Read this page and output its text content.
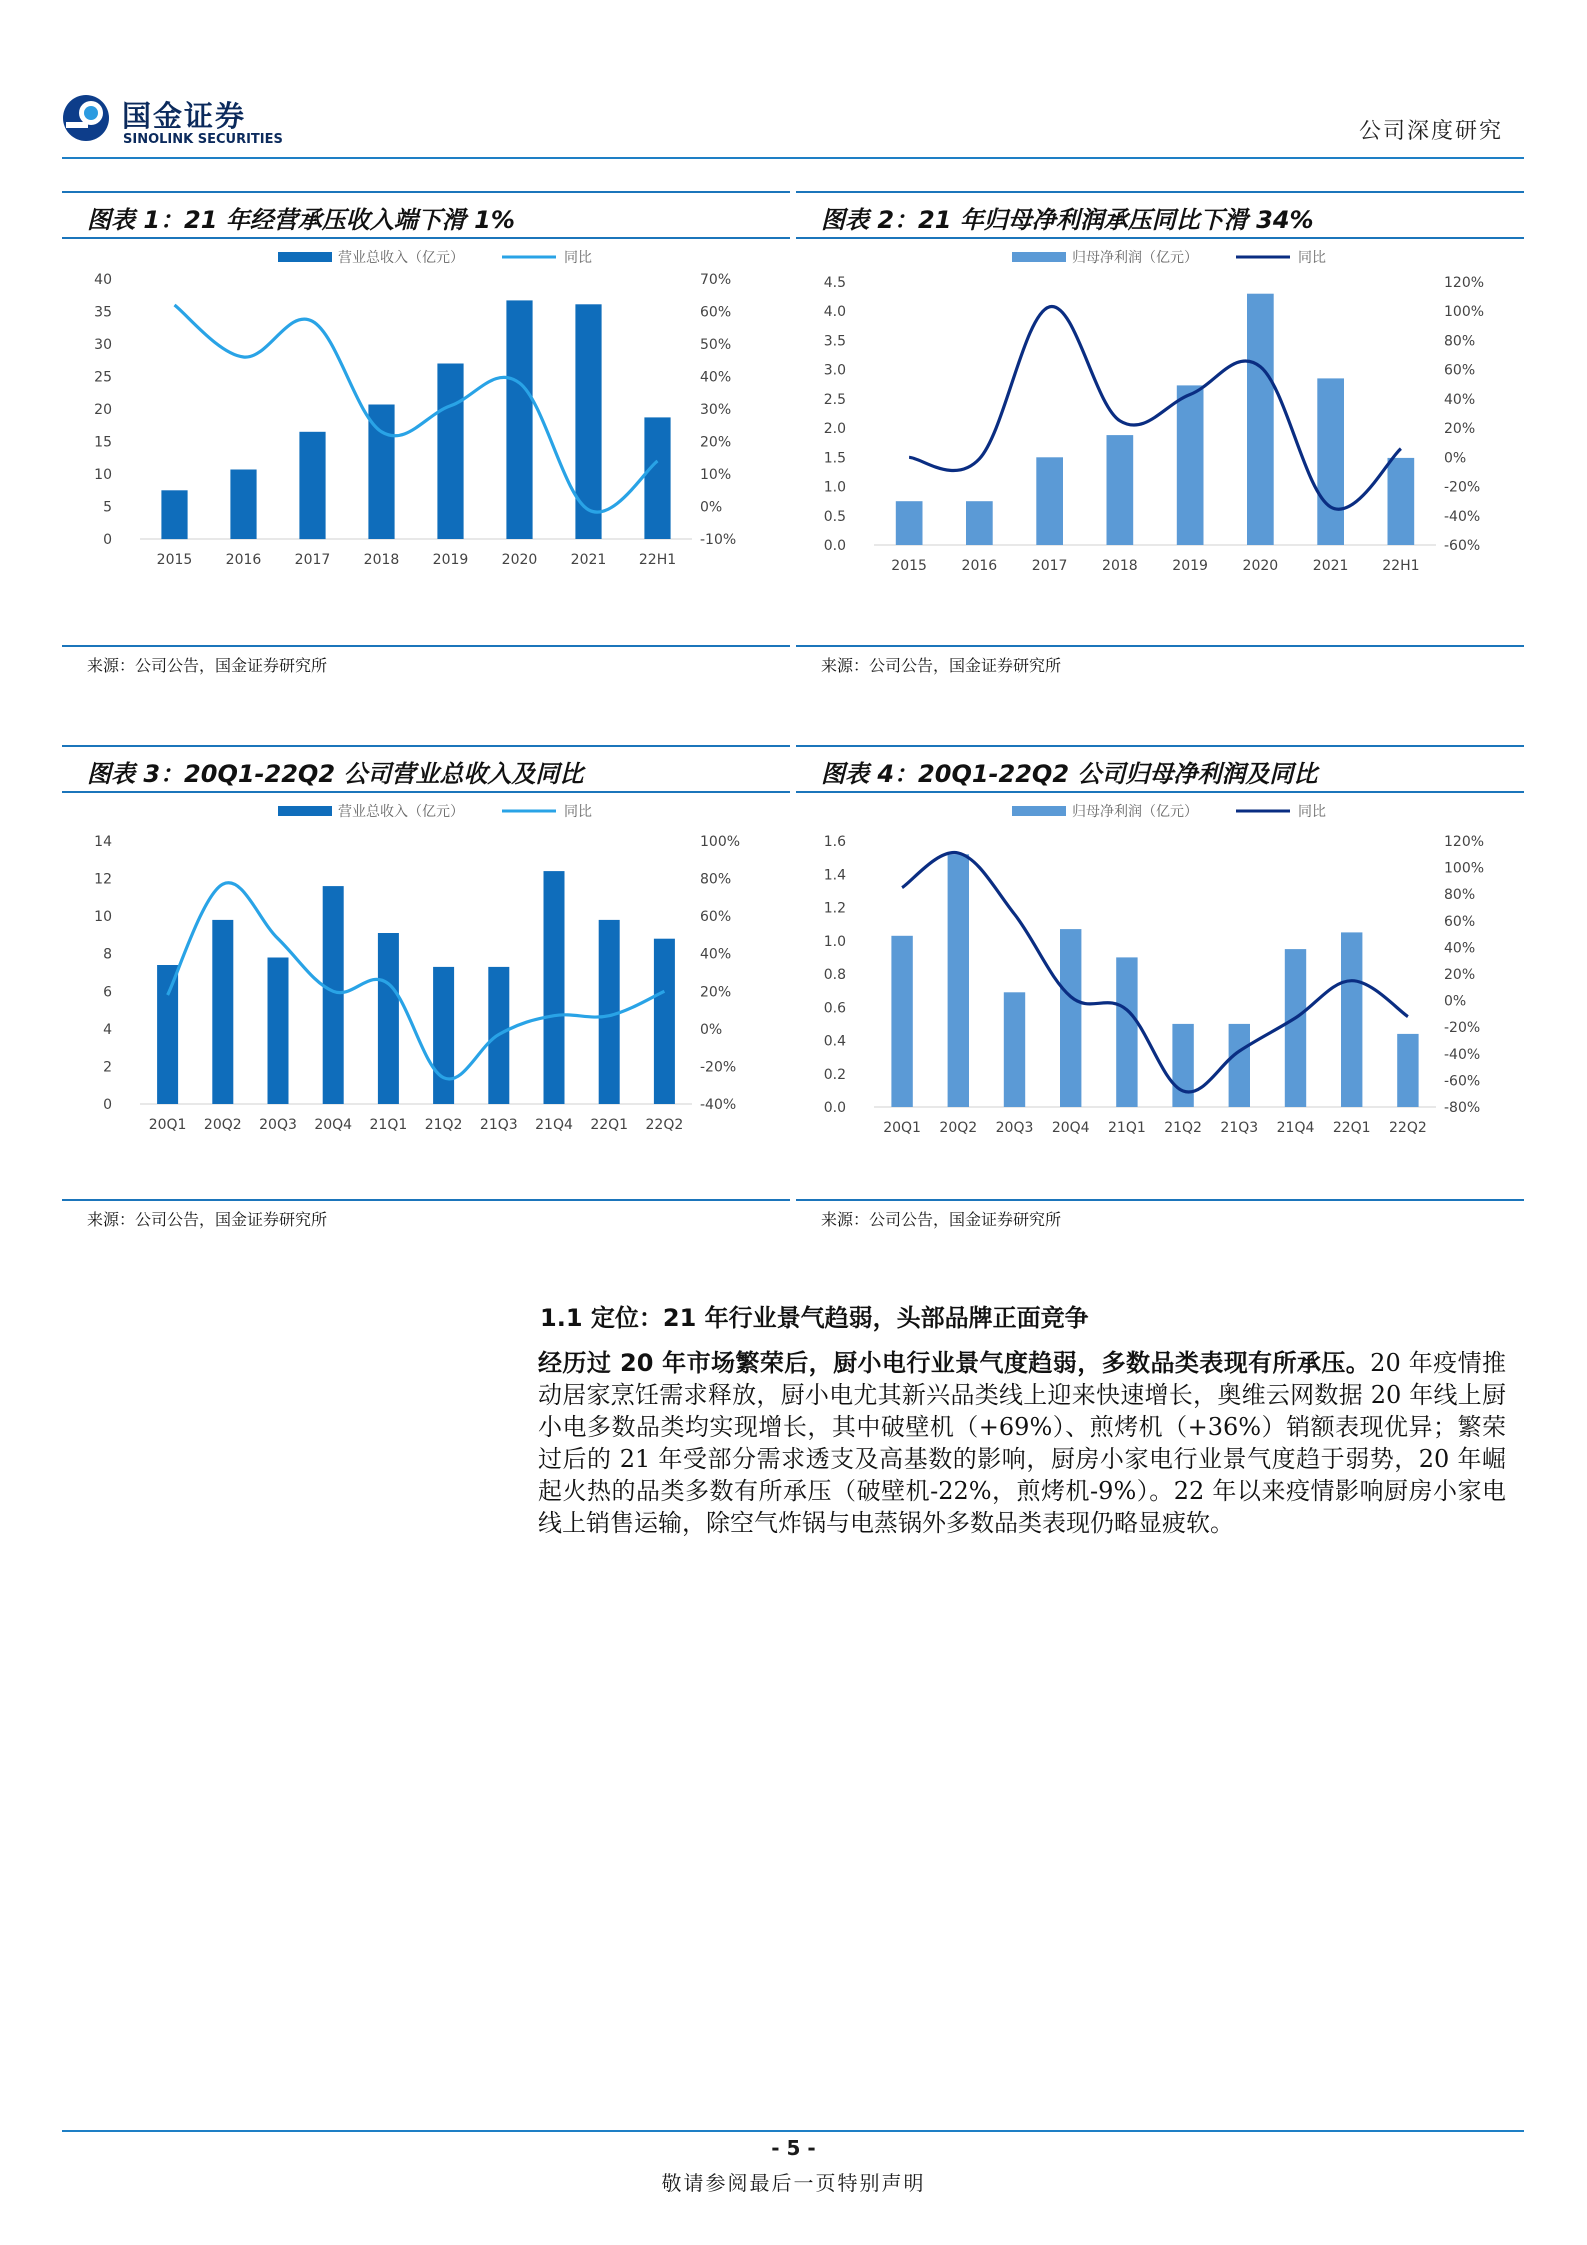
国金证券
SINOLINK SECURITIES	公司深度研究
图表 1：21 年经营承压收入端下滑 1%
营业总收入（亿元）	同比
0
5
10
15
20
25
30
35
40
-10%
0%
10%
20%
30%
40%
50%
60%
70%
2015 2016 2017 2018 2019 2020 2021 22H1
来源：公司公告，国金证券研究所
图表 2：21 年归母净利润承压同比下滑 34%
归母净利润（亿元）	同比
0.0
0.5
1.0
1.5
2.0
2.5
3.0
3.5
4.0
4.5
-60%
-40%
-20%
0%
20%
40%
60%
80%
100%
120%
2015 2016 2017 2018 2019 2020 2021 22H1
来源：公司公告，国金证券研究所
图表 3：20Q1-22Q2 公司营业总收入及同比
营业总收入（亿元）	同比
0
2
4
6
8
10
12
14
-40%
-20%
0%
20%
40%
60%
80%
100%
20Q1 20Q2 20Q3 20Q4 21Q1 21Q2 21Q3 21Q4 22Q1 22Q2
来源：公司公告，国金证券研究所
图表 4：20Q1-22Q2 公司归母净利润及同比
归母净利润（亿元）	同比
0.0
0.2
0.4
0.6
0.8
1.0
1.2
1.4
1.6
-80%
-60%
-40%
-20%
0%
20%
40%
60%
80%
100%
120%
20Q1 20Q2 20Q3 20Q4 21Q1 21Q2 21Q3 21Q4 22Q1 22Q2
来源：公司公告，国金证券研究所
1.1 定位：21 年行业景气趋弱，头部品牌正面竞争

经历过 20 年市场繁荣后，厨小电行业景气度趋弱，多数品类表现有所承压。20 年疫情推动居家烹饪需求释放，厨小电尤其新兴品类线上迎来快速增长，奥维云网数据 20 年线上厨小电多数品类均实现增长，其中破壁机（+69%）、煎烤机（+36%）销额表现优异；繁荣过后的 21 年受部分需求透支及高基数的影响，厨房小家电行业景气度趋于弱势，20 年崛起火热的品类多数有所承压（破壁机-22%，煎烤机-9%）。22 年以来疫情影响厨房小家电线上销售运输，除空气炸锅与电蒸锅外多数品类表现仍略显疲软。

- 5 -
敬请参阅最后一页特别声明
